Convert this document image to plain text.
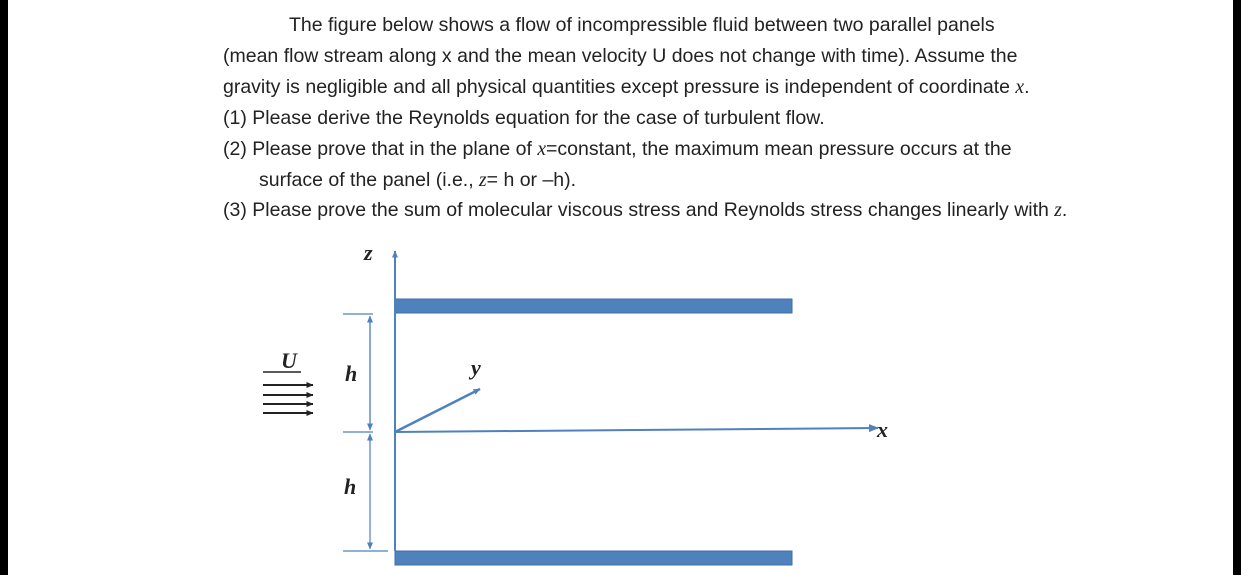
The figure below shows a flow of incompressible fluid between two parallel panels
(mean flow stream along x and the mean velocity U does not change with time). Assume the
gravity is negligible and all physical quantities except pressure is independent of coordinate x.
(1) Please derive the Reynolds equation for the case of turbulent flow.
(2) Please prove that in the plane of x=constant, the maximum mean pressure occurs at the
surface of the panel (i.e., z= h or –h).
(3) Please prove the sum of molecular viscous stress and Reynolds stress changes linearly with z.
z
x
y
U
h
h
